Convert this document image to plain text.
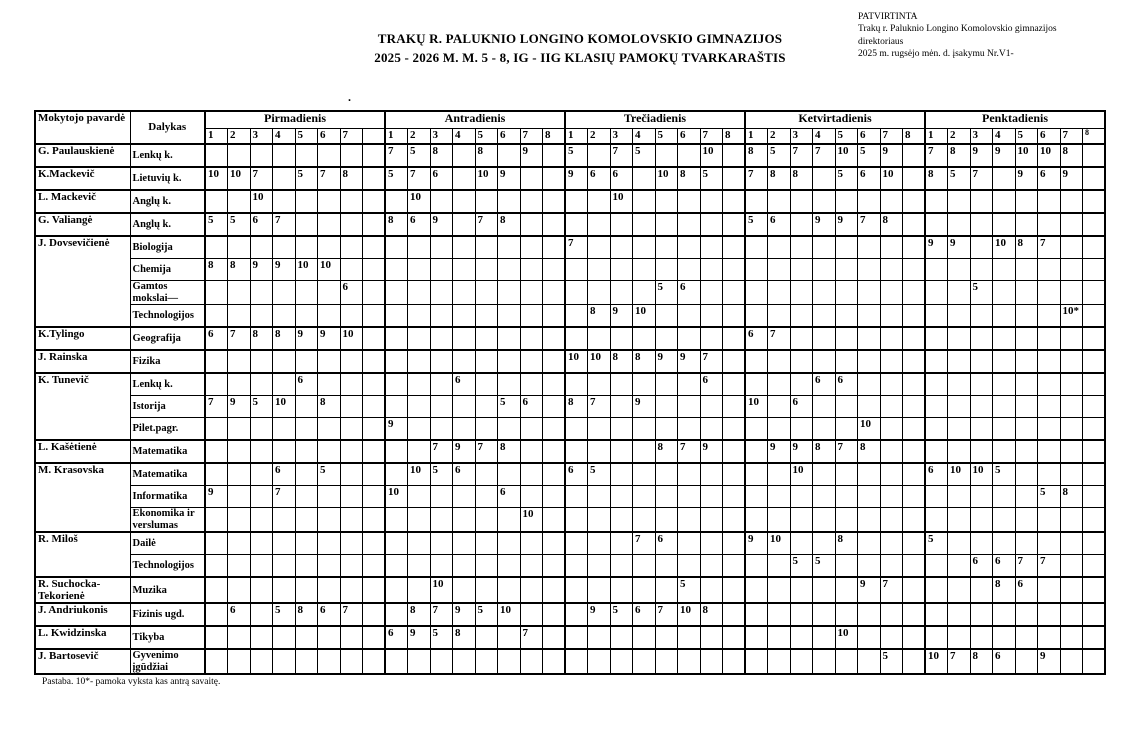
PATVIRTINTA
Trakų r. Paluknio Longino Komolovskio gimnazijos
direktoriaus
2025 m. rugsėjo mėn. d. įsakymu Nr.V1-
TRAKŲ R. PALUKNIO LONGINO KOMOLOVSKIO GIMNAZIJOS
2025 - 2026 M. M. 5 - 8, IG - IIG KLASIŲ PAMOKŲ TVARKARAŠTIS
.
Mokytojo pavardė	Dalykas	Pirmadienis								Antradienis								Trečiadienis								Ketvirtadienis								Penktadienis							
		1	2	3	4	5	6	7		1	2	3	4	5	6	7	8	1	2	3	4	5	6	7	8	1	2	3	4	5	6	7	8	1	2	3	4	5	6	7	8
G. Paulauskienė	Lenkų k.									7	5	8		8		9		5		7	5			10		8	5	7	7	10	5	9		7	8	9	9	10	10	8	
K.Mackevič	Lietuvių k.	10	10	7		5	7	8		5	7	6		10	9			9	6	6		10	8	5		7	8	8		5	6	10		8	5	7		9	6	9	
L. Mackevič	Anglų k.			10							10									10																					
G. Valiangė	Anglų k.	5	5	6	7					8	6	9		7	8											5	6		9	9	7	8									
J. Dovsevičienė	Biologija																	7																9	9		10	8	7		
	Chemija	8	8	9	9	10	10																																		
	Gamtos mokslai—							6														5	6													5					
	Technologijos																		8	9	10																			10*	
K.Tylingo	Geografija	6	7	8	8	9	9	10																		6	7														
J. Rainska	Fizika																	10	10	8	8	9	9	7																	
K. Tunevič	Lenkų k.					6							6											6					6	6											
	Istorija	7	9	5	10		8								5	6		8	7		9					10		6													
	Pilet.pagr.									9																					10										
L. Kašėtienė	Matematika											7	9	7	8							8	7	9			9	9	8	7	8										
M. Krasovska	Matematika				6		5				10	5	6					6	5									10						6	10	10	5				
	Informatika	9			7					10					6																								5	8	
	Ekonomika ir verslumas															10																									
R. Miloš	Dailė																				7	6				9	10			8				5							
	Technologijos																											5	5							6	6	7	7		
R. Suchocka-Tekorienė	Muzika											10											5								9	7					8	6			
J. Andriukonis	Fizinis ugd.		6		5	8	6	7			8	7	9	5	10				9	5	6	7	10	8																	
L. Kwidzinska	Tikyba									6	9	5	8			7														10											
J. Bartosevič	Gyvenimo įgūdžiai																															5		10	7	8	6		9		
Pastaba. 10*- pamoka vyksta kas antrą savaitę.
